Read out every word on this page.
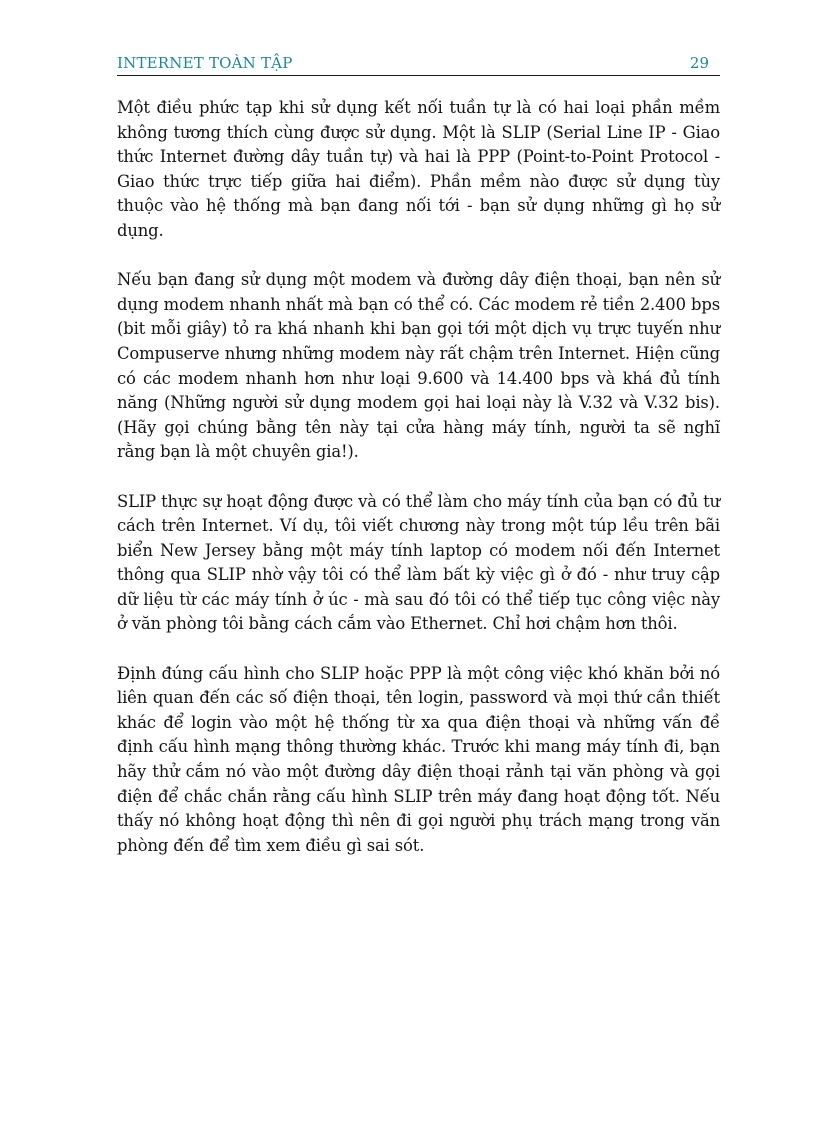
INTERNET TOÀN TẬP	29

Một điều phức tạp khi sử dụng kết nối tuần tự là có hai loại phần mềm không tương thích cùng được sử dụng. Một là SLIP (Serial Line IP - Giao thức Internet đường dây tuần tự) và hai là PPP (Point-to-Point Protocol - Giao thức trực tiếp giữa hai điểm). Phần mềm nào được sử dụng tùy thuộc vào hệ thống mà bạn đang nối tới - bạn sử dụng những gì họ sử dụng.

Nếu bạn đang sử dụng một modem và đường dây điện thoại, bạn nên sử dụng modem nhanh nhất mà bạn có thể có. Các modem rẻ tiền 2.400 bps (bit mỗi giây) tỏ ra khá nhanh khi bạn gọi tới một dịch vụ trực tuyến như Compuserve nhưng những modem này rất chậm trên Internet. Hiện cũng có các modem nhanh hơn như loại 9.600 và 14.400 bps và khá đủ tính năng (Những người sử dụng modem gọi hai loại này là V.32 và V.32 bis). (Hãy gọi chúng bằng tên này tại cửa hàng máy tính, người ta sẽ nghĩ rằng bạn là một chuyên gia!).

SLIP thực sự hoạt động được và có thể làm cho máy tính của bạn có đủ tư cách trên Internet. Ví dụ, tôi viết chương này trong một túp lều trên bãi biển New Jersey bằng một máy tính laptop có modem nối đến Internet thông qua SLIP nhờ vậy tôi có thể làm bất kỳ việc gì ở đó - như truy cập dữ liệu từ các máy tính ở úc - mà sau đó tôi có thể tiếp tục công việc này ở văn phòng tôi bằng cách cắm vào Ethernet. Chỉ hơi chậm hơn thôi.

Định đúng cấu hình cho SLIP hoặc PPP là một công việc khó khăn bởi nó liên quan đến các số điện thoại, tên login, password và mọi thứ cần thiết khác để login vào một hệ thống từ xa qua điện thoại và những vấn đề định cấu hình mạng thông thường khác. Trước khi mang máy tính đi, bạn hãy thử cắm nó vào một đường dây điện thoại rảnh tại văn phòng và gọi điện để chắc chắn rằng cấu hình SLIP trên máy đang hoạt động tốt. Nếu thấy nó không hoạt động thì nên đi gọi người phụ trách mạng trong văn phòng đến để tìm xem điều gì sai sót.
